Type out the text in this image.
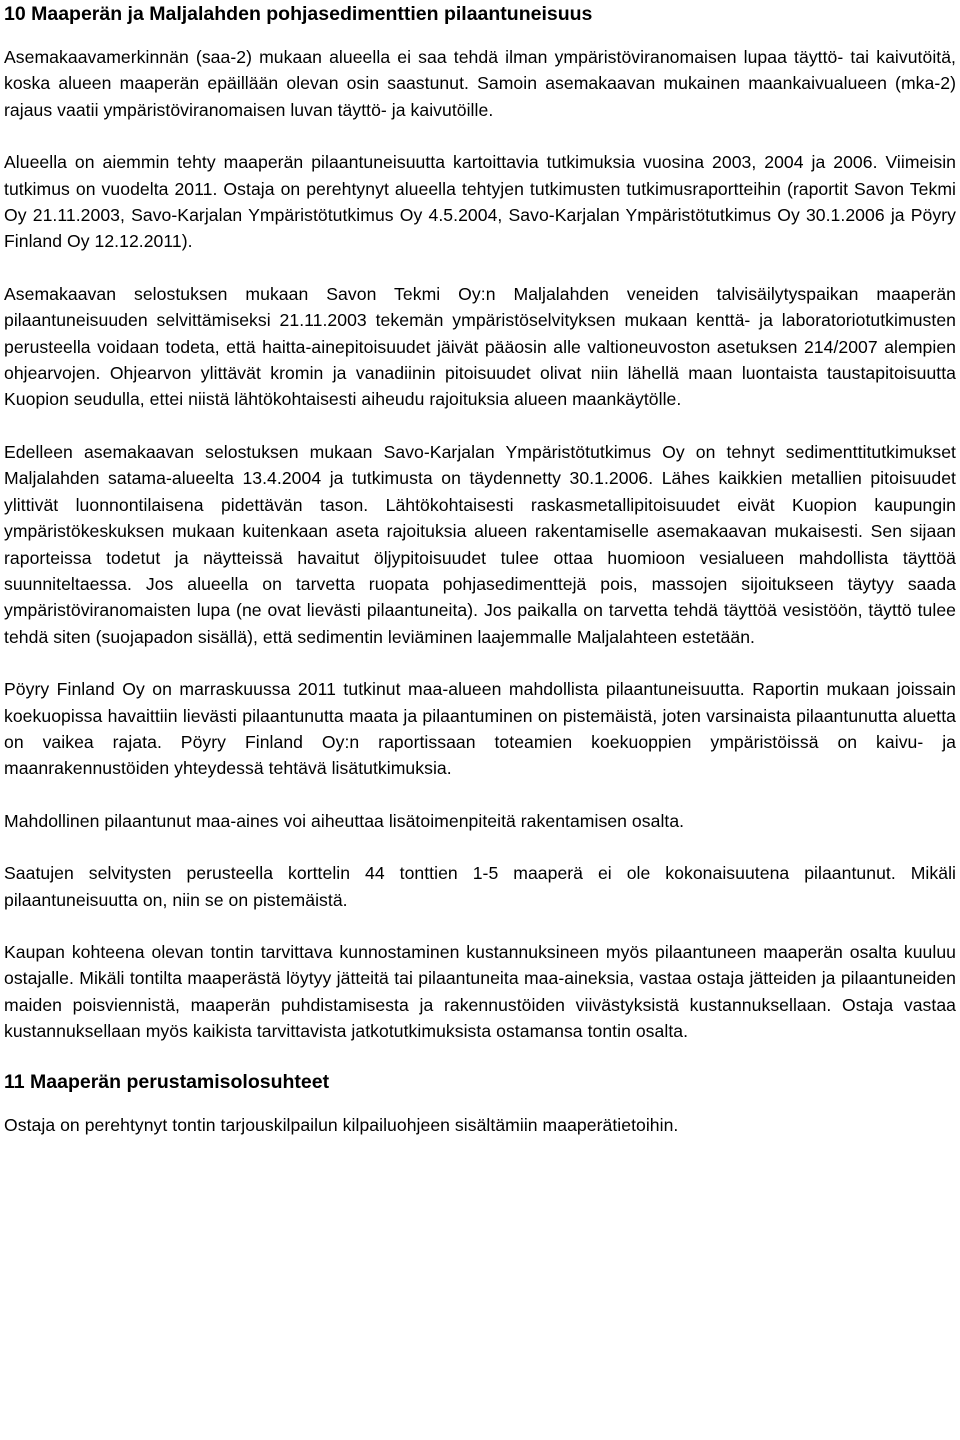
10 Maaperän ja Maljalahden pohjasedimenttien pilaantuneisuus

Asemakaavamerkinnän (saa-2) mukaan alueella ei saa tehdä ilman ympäristöviranomaisen lupaa täyttö- tai kaivutöitä, koska alueen maaperän epäillään olevan osin saastunut. Samoin asemakaavan mukainen maankaivualueen (mka-2) rajaus vaatii ympäristöviranomaisen luvan täyttö- ja kaivutöille.

Alueella on aiemmin tehty maaperän pilaantuneisuutta kartoittavia tutkimuksia vuosina 2003, 2004 ja 2006. Viimeisin tutkimus on vuodelta 2011. Ostaja on perehtynyt alueella tehtyjen tutkimusten tutkimusraportteihin (raportit Savon Tekmi Oy 21.11.2003, Savo-Karjalan Ympäristötutkimus Oy 4.5.2004, Savo-Karjalan Ympäristötutkimus Oy 30.1.2006 ja Pöyry Finland Oy 12.12.2011).

Asemakaavan selostuksen mukaan Savon Tekmi Oy:n Maljalahden veneiden talvisäilytyspaikan maaperän pilaantuneisuuden selvittämiseksi 21.11.2003 tekemän ympäristöselvityksen mukaan kenttä- ja laboratoriotutkimusten perusteella voidaan todeta, että haitta-ainepitoisuudet jäivät pääosin alle valtioneuvoston asetuksen 214/2007 alempien ohjearvojen. Ohjearvon ylittävät kromin ja vanadiinin pitoisuudet olivat niin lähellä maan luontaista taustapitoisuutta Kuopion seudulla, ettei niistä lähtökohtaisesti aiheudu rajoituksia alueen maankäytölle.

Edelleen asemakaavan selostuksen mukaan Savo-Karjalan Ympäristötutkimus Oy on tehnyt sedimenttitutkimukset Maljalahden satama-alueelta 13.4.2004 ja tutkimusta on täydennetty 30.1.2006. Lähes kaikkien metallien pitoisuudet ylittivät luonnontilaisena pidettävän tason. Lähtökohtaisesti raskasmetallipitoisuudet eivät Kuopion kaupungin ympäristökeskuksen mukaan kuitenkaan aseta rajoituksia alueen rakentamiselle asemakaavan mukaisesti. Sen sijaan raporteissa todetut ja näytteissä havaitut öljypitoisuudet tulee ottaa huomioon vesialueen mahdollista täyttöä suunniteltaessa. Jos alueella on tarvetta ruopata pohjasedimenttejä pois, massojen sijoitukseen täytyy saada ympäristöviranomaisten lupa (ne ovat lievästi pilaantuneita). Jos paikalla on tarvetta tehdä täyttöä vesistöön, täyttö tulee tehdä siten (suojapadon sisällä), että sedimentin leviäminen laajemmalle Maljalahteen estetään.

Pöyry Finland Oy on marraskuussa 2011 tutkinut maa-alueen mahdollista pilaantuneisuutta. Raportin mukaan joissain koekuopissa havaittiin lievästi pilaantunutta maata ja pilaantuminen on pistemäistä, joten varsinaista pilaantunutta aluetta on vaikea rajata. Pöyry Finland Oy:n raportissaan toteamien koekuoppien ympäristöissä on kaivu- ja maanrakennustöiden yhteydessä tehtävä lisätutkimuksia.

Mahdollinen pilaantunut maa-aines voi aiheuttaa lisätoimenpiteitä rakentamisen osalta.

Saatujen selvitysten perusteella korttelin 44 tonttien 1-5 maaperä ei ole kokonaisuutena pilaantunut. Mikäli pilaantuneisuutta on, niin se on pistemäistä.

Kaupan kohteena olevan tontin tarvittava kunnostaminen kustannuksineen myös pilaantuneen maaperän osalta kuuluu ostajalle. Mikäli tontilta maaperästä löytyy jätteitä tai pilaantuneita maa-aineksia, vastaa ostaja jätteiden ja pilaantuneiden maiden poisviennistä, maaperän puhdistamisesta ja rakennustöiden viivästyksistä kustannuksellaan. Ostaja vastaa kustannuksellaan myös kaikista tarvittavista jatkotutkimuksista ostamansa tontin osalta.

11 Maaperän perustamisolosuhteet

Ostaja on perehtynyt tontin tarjouskilpailun kilpailuohjeen sisältämiin maaperätietoihin.
